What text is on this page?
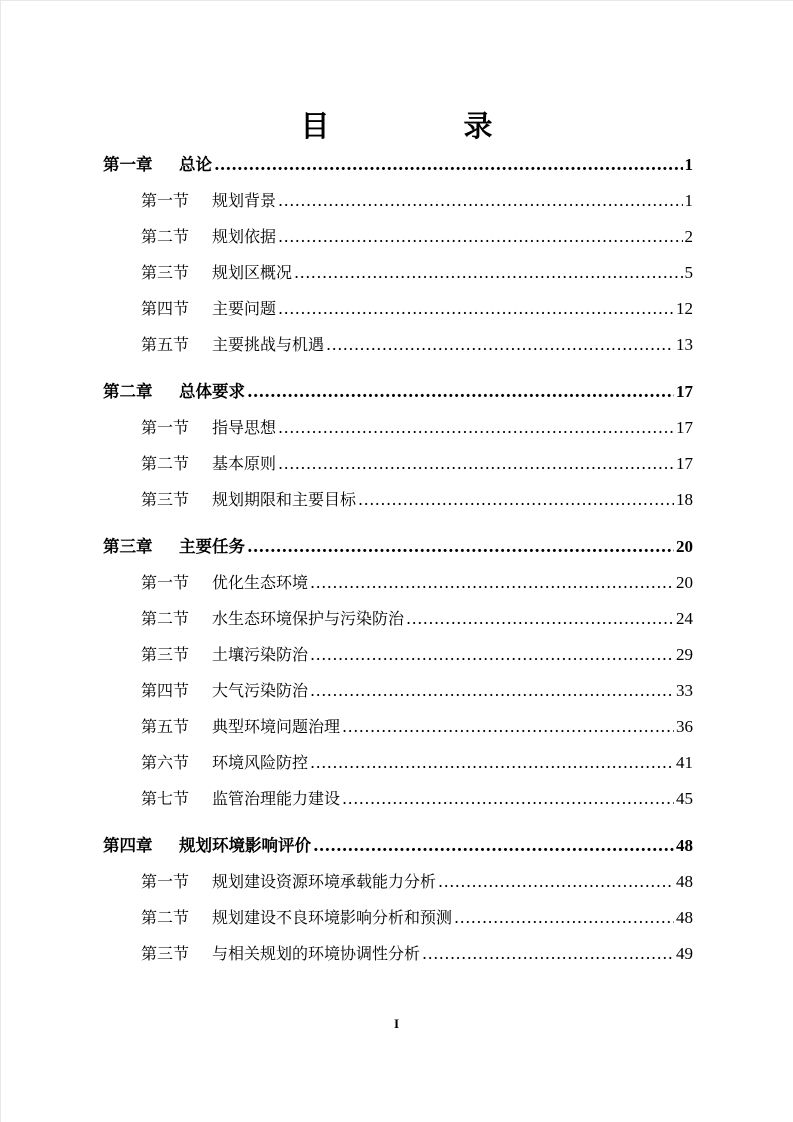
目 录
第一章	总论 .....	1
第一节	规划背景 .....	1
第二节	规划依据 .....	2
第三节	规划区概况 .....	5
第四节	主要问题 .....	12
第五节	主要挑战与机遇 .....	13
第二章	总体要求 .....	17
第一节	指导思想 .....	17
第二节	基本原则 .....	17
第三节	规划期限和主要目标 .....	18
第三章	主要任务 .....	20
第一节	优化生态环境 .....	20
第二节	水生态环境保护与污染防治 .....	24
第三节	土壤污染防治 .....	29
第四节	大气污染防治 .....	33
第五节	典型环境问题治理 .....	36
第六节	环境风险防控 .....	41
第七节	监管治理能力建设 .....	45
第四章	规划环境影响评价 .....	48
第一节	规划建设资源环境承载能力分析 .....	48
第二节	规划建设不良环境影响分析和预测 .....	48
第三节	与相关规划的环境协调性分析 .....	49
I
